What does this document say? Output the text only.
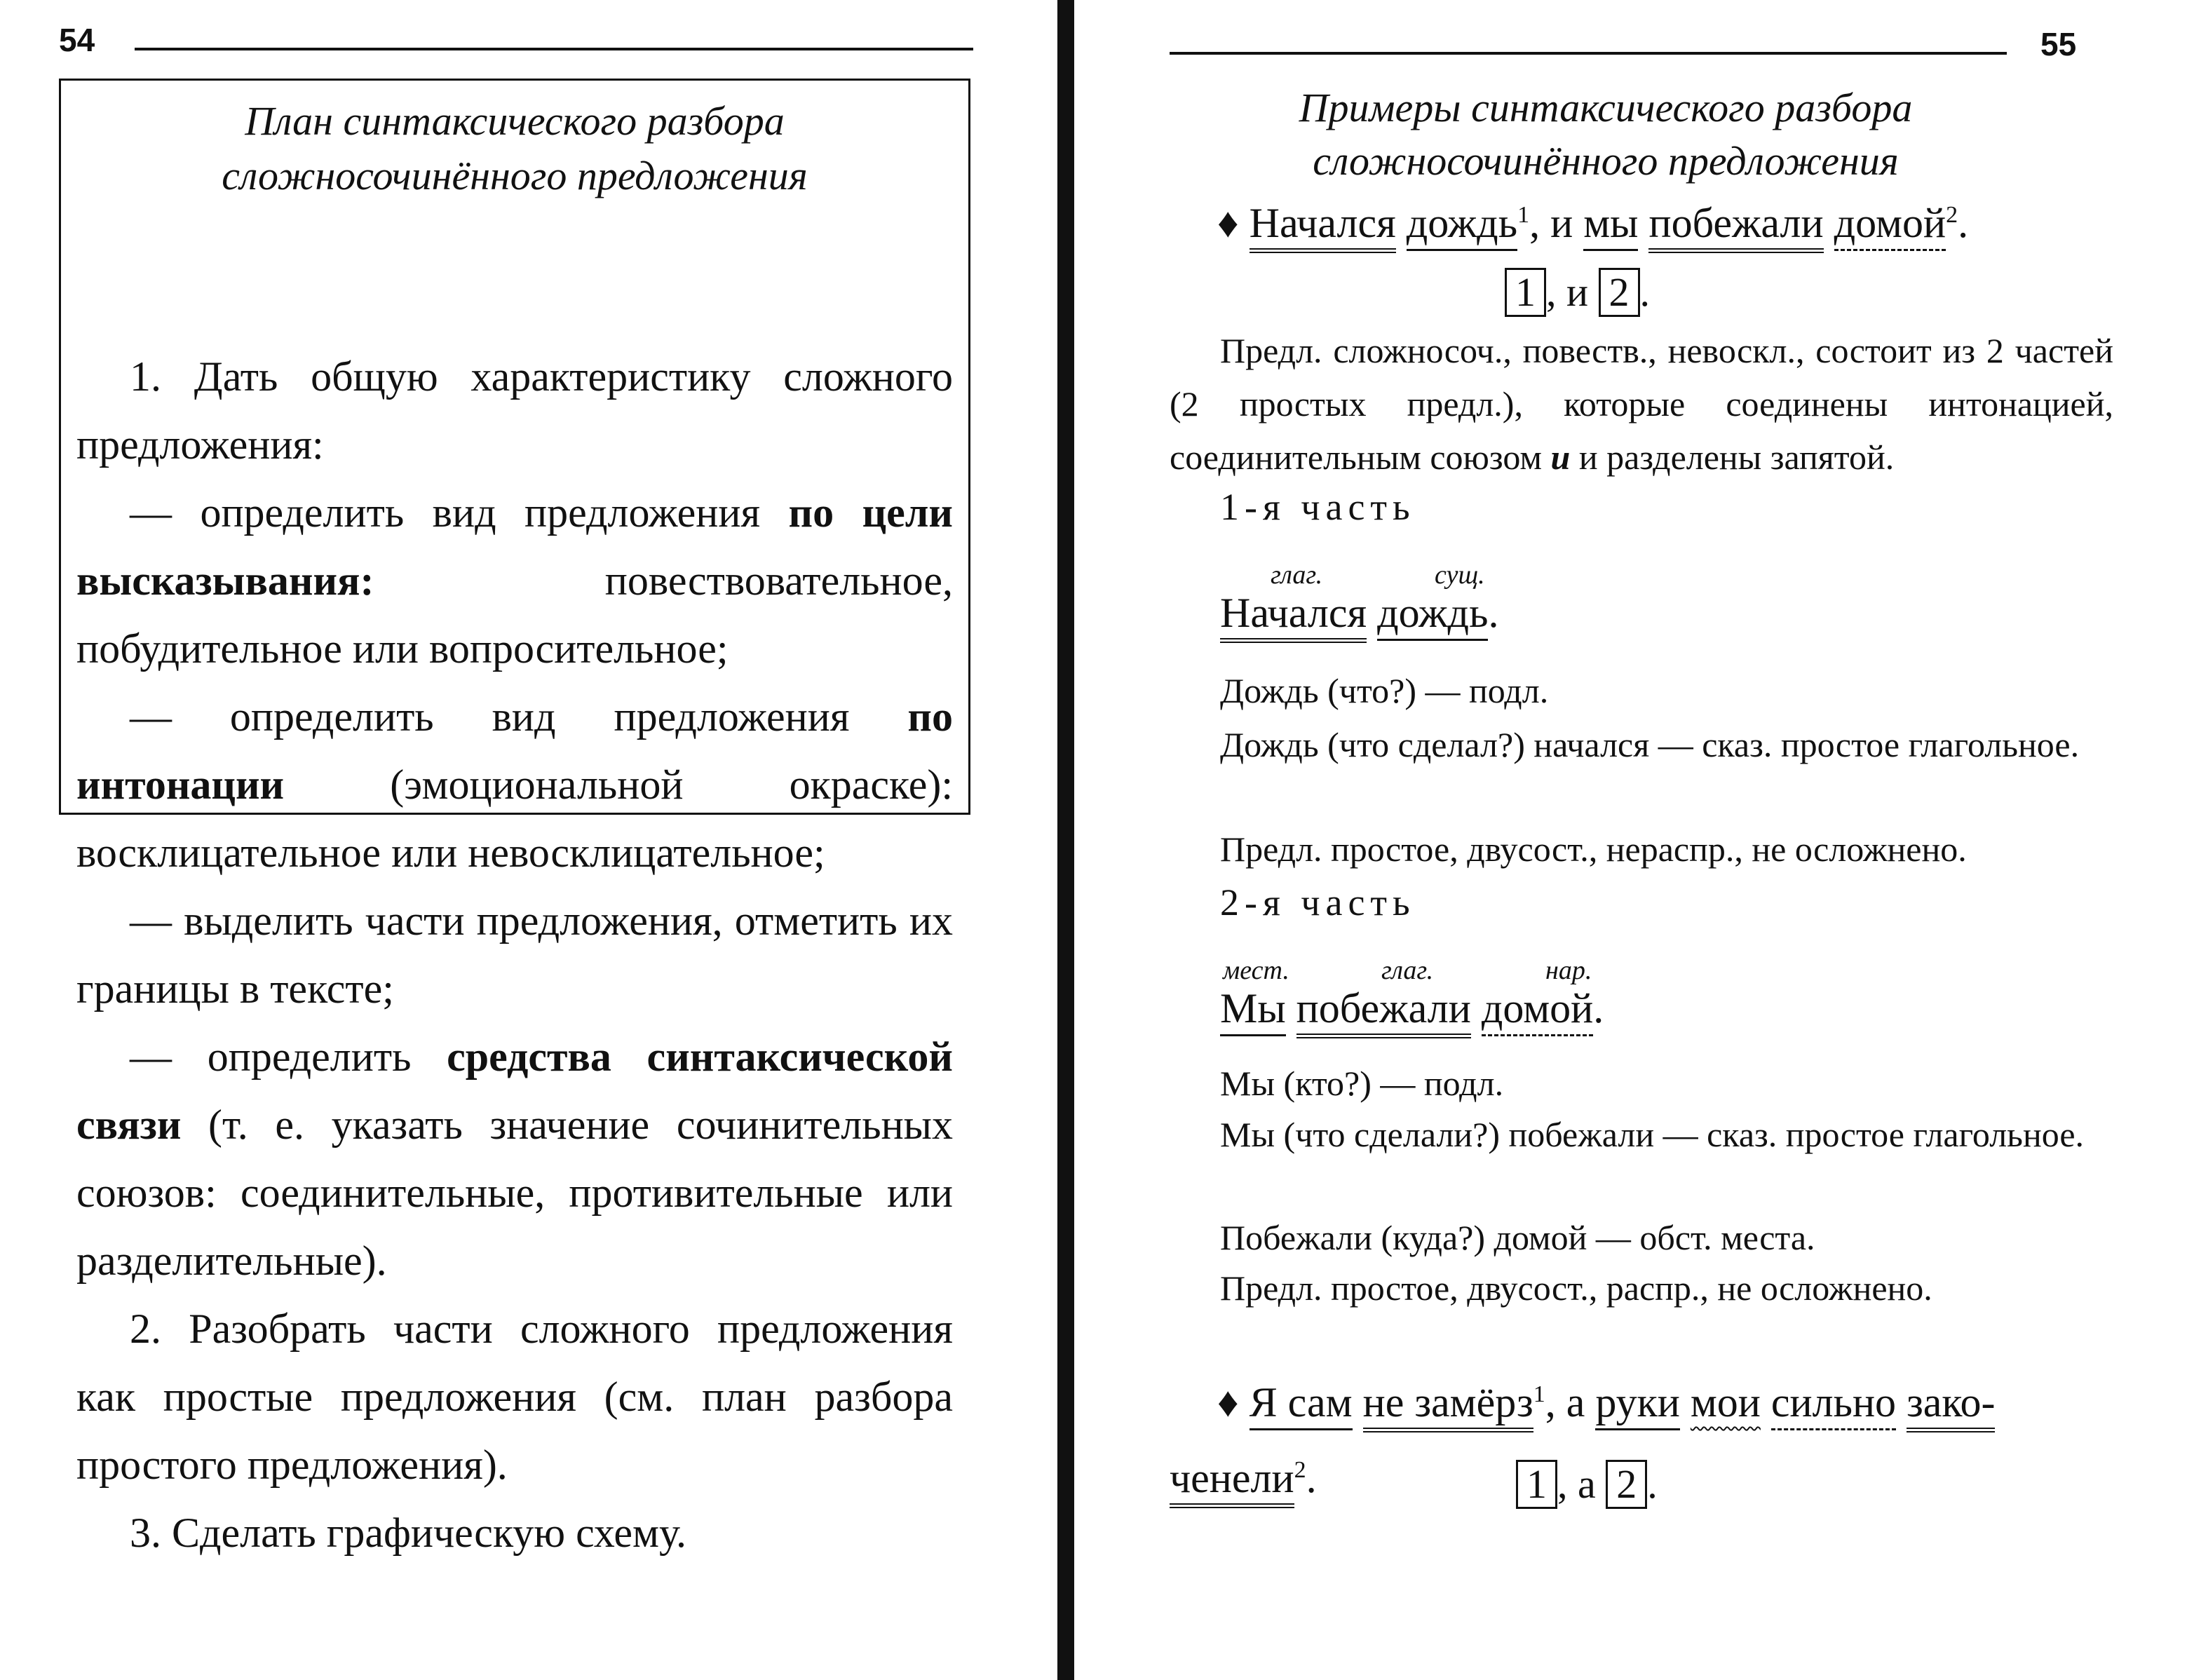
54
План синтаксического разбора
сложносочинённого предложения

1. Дать общую характеристику сложного предложения:

— определить вид предложения по цели высказывания: повествовательное, побудительное или вопросительное;

— определить вид предложения по интонации (эмоциональной окраске): восклицательное или невосклицательное;

— выделить части предложения, отметить их границы в тексте;

— определить средства синтаксической связи (т. е. указать значение сочинительных союзов: соединительные, противительные или разделительные).

2. Разобрать части сложного предложения как простые предложения (см. план разбора простого предложения).

3. Сделать графическую схему.

55
Примеры синтаксического разбора
сложносочинённого предложения
♦ Начался дождь$^1$, и мы побежали домой$^2$.
1 , и 2 .
Предл. сложносоч., повеств., невоскл., состоит из 2 частей (2 простых предл.), которые соединены интонацией, соединительным союзом и и разделены запятой.
1-я часть
глаг.	сущ.
Начался дождь.
Дождь (что?) — подл.
Дождь (что сделал?) начался — сказ. простое глагольное.
Предл. простое, двусост., нераспр., не осложнено.
2-я часть
мест.	глаг.	нар.
Мы побежали домой.
Мы (кто?) — подл.
Мы (что сделали?) побежали — сказ. простое глагольное.
Побежали (куда?) домой — обст. места.
Предл. простое, двусост., распр., не осложнено.
♦ Я сам не замёрз$^1$, а руки мои сильно зако-
ченели$^2$.	1 , а 2 .
